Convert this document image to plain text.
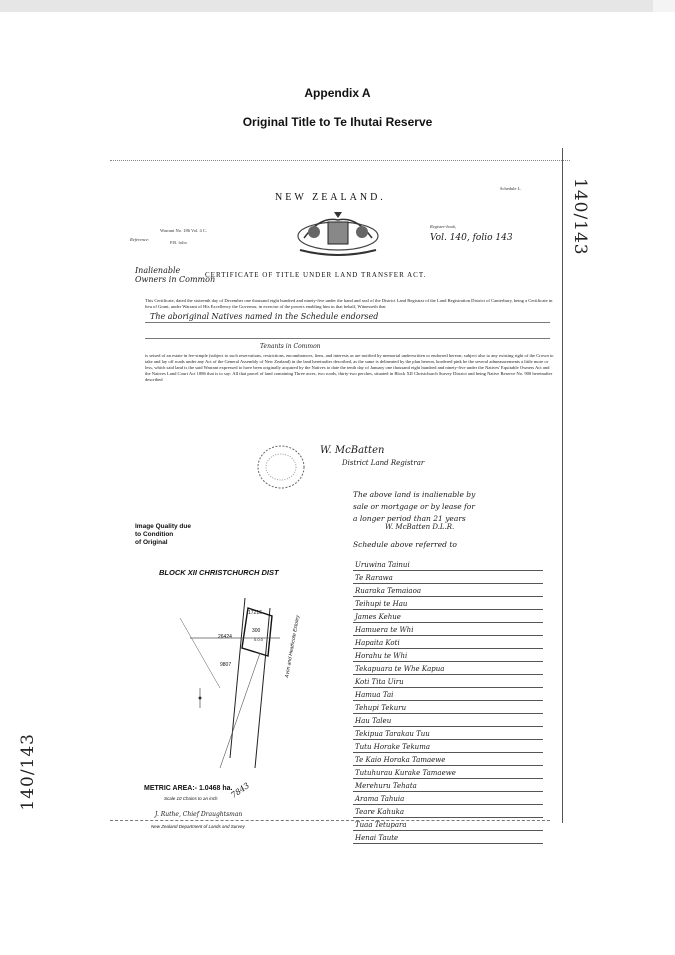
Appendix A
Original Title to Te Ihutai Reserve
140/143
140/143
NEW ZEALAND.
Schedule L.
Reference:
Warrant No. 186 Vol. 4 C.
P.B. folio
Register-book,
Vol. 140, folio 143
Inalienable
Owners in Common
CERTIFICATE OF TITLE UNDER LAND TRANSFER ACT.
This Certificate, dated the sixteenth day of December one thousand eight hundred and ninety-five under the hand and seal of the District Land Registrar of the Land Registration District of Canterbury, being a Certificate in lieu of Grant, under Warrant of His Excellency the Governor, in exercise of the powers enabling him in that behalf, Witnesseth that
The aboriginal Natives named in the Schedule endorsed
Tenants in Common
is seised of an estate in fee-simple (subject to such reservations, restrictions, encumbrances, liens, and interests as are notified by memorial underwritten or endorsed hereon; subject also to any existing right of the Crown to take and lay off roads under any Act of the General Assembly of New Zealand) in the land hereinafter described, as the same is delineated by the plan hereon, bordered pink be the several admeasurements a little more or less, which said land is the said Warrant expressed to have been originally acquired by the Natives to date the tenth day of January one thousand eight hundred and ninety-five under the Natives' Equitable Owners Act and the Natives Land Court Act 1886 that is to say: All that parcel of land containing Three acres, two roods, thirty-two perches, situated in Block XII Christchurch Survey District and being Native Reserve No. 900 hereinafter described
W. McBatten
District Land Registrar
The above land is inalienable by
sale or mortgage or by lease for
a longer period than 21 years
W. McBatten D.L.R.
Schedule above referred to
Uruwina Tainui
Te Rarawa
Ruaraka Temaiaoa
Teihupi te Hau
James Kehue
Hamuera te Whi
Hapaita Koti
Horahu te Whi
Tekapuara te Whe Kapua
Koti Tita Uiru
Hamua Tai
Tehupi Tekuru
Hau Taleu
Tekipua Tarakau Tuu
Tutu Horake Tekuma
Te Kaio Horaka Tamaewe
Tutuhurau Kurake Tamaewe
Merehuru Tehata
Arama Tahuia
Teare Kahuka
Tuaa Tetupara
Henai Taute
BLOCK XII CHRISTCHURCH DIST
17216
26424
300
0.0.0
9807	Avon and Heathcote Estuary
Image Quality due
to Condition
of Original
METRIC AREA:- 1.0468 ha.
Scale 10 Chains to an inch
J. Ruthe, Chief Draughtsman
New Zealand Department of Lands and Survey
7843
